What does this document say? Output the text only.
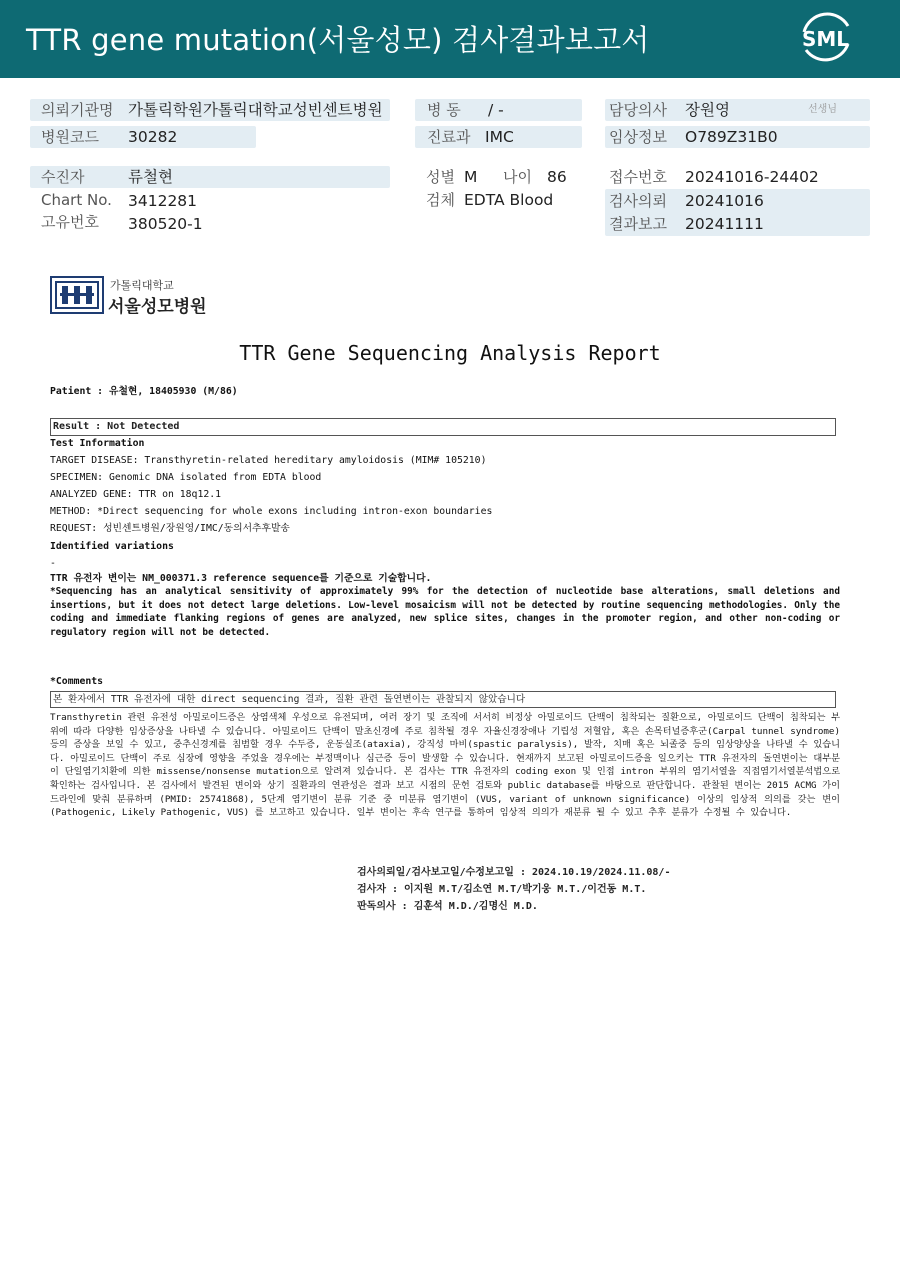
TTR gene mutation(서울성모) 검사결과보고서	SML
의뢰기관명 가톨릭학원가톨릭대학교성빈센트병원	병 동 / -	담당의사 장원영	선생님
병원코드 30282	진료과 IMC	임상정보 O789Z31B0
수진자	류철현
Chart No. 3412281
고유번호 380520-1
성별 M 나이 86
검체 EDTA Blood
접수번호 20241016-24402
검사의뢰 20241016
결과보고 20241111
가톨릭대학교
서울성모병원
TTR Gene Sequencing Analysis Report
Patient : 유철현, 18405930 (M/86)
Result : Not Detected
Test Information
TARGET DISEASE: Transthyretin-related hereditary amyloidosis (MIM# 105210)
SPECIMEN: Genomic DNA isolated from EDTA blood
ANALYZED GENE: TTR on 18q12.1
METHOD: *Direct sequencing for whole exons including intron-exon boundaries
REQUEST: 성빈센트병원/장원영/IMC/동의서추후발송
Identified variations
-
TTR 유전자 변이는 NM_000371.3 reference sequence를 기준으로 기술합니다.
*Sequencing has an analytical sensitivity of approximately 99% for the detection of nucleotide base alterations, small deletions and insertions, but it does not detect large deletions. Low-level mosaicism will not be detected by routine sequencing methodologies. Only the coding and immediate flanking regions of genes are analyzed, new splice sites, changes in the promoter region, and other non-coding or regulatory region will not be detected.
*Comments
본 환자에서 TTR 유전자에 대한 direct sequencing 결과, 질환 관련 돌연변이는 관찰되지 않았습니다
Transthyretin 관련 유전성 아밀로이드증은 상염색체 우성으로 유전되며, 여러 장기 및 조직에 서서히 비정상 아밀로이드 단백이 침착되는 질환으로, 아밀로이드 단백이 침착되는 부위에 따라 다양한 임상증상을 나타낼 수 있습니다. 아밀로이드 단백이 말초신경에 주로 침착될 경우 자율신경장애나 기립성 저혈압, 혹은 손목터널증후군(Carpal tunnel syndrome) 등의 증상을 보일 수 있고, 중추신경계를 침범할 경우 수두증, 운동실조(ataxia), 강직성 마비(spastic paralysis), 발작, 치매 혹은 뇌졸중 등의 임상양상을 나타낼 수 있습니다. 아밀로이드 단백이 주로 심장에 영향을 주었을 경우에는 부정맥이나 심근증 등이 발생할 수 있습니다. 현재까지 보고된 아밀로이드증을 일으키는 TTR 유전자의 돌연변이는 대부분이 단일염기치환에 의한 missense/nonsense mutation으로 알려져 있습니다. 본 검사는 TTR 유전자의 coding exon 및 인접 intron 부위의 염기서열을 직접염기서열분석법으로 확인하는 검사입니다. 본 검사에서 발견된 변이와 상기 질환과의 연관성은 결과 보고 시점의 문헌 검토와 public database를 바탕으로 판단합니다. 관찰된 변이는 2015 ACMG 가이드라인에 맞춰 분류하며 (PMID: 25741868), 5단계 염기변이 분류 기준 중 미분류 염기변이 (VUS, variant of unknown significance) 이상의 임상적 의의를 갖는 변이 (Pathogenic, Likely Pathogenic, VUS) 를 보고하고 있습니다. 일부 변이는 후속 연구를 통하여 임상적 의의가 재분류 될 수 있고 추후 분류가 수정될 수 있습니다.
검사의뢰일/검사보고일/수정보고일 : 2024.10.19/2024.11.08/-
검사자 : 이지원 M.T/김소연 M.T/박기웅 M.T./이건동 M.T.
판독의사 : 김훈석 M.D./김명신 M.D.
